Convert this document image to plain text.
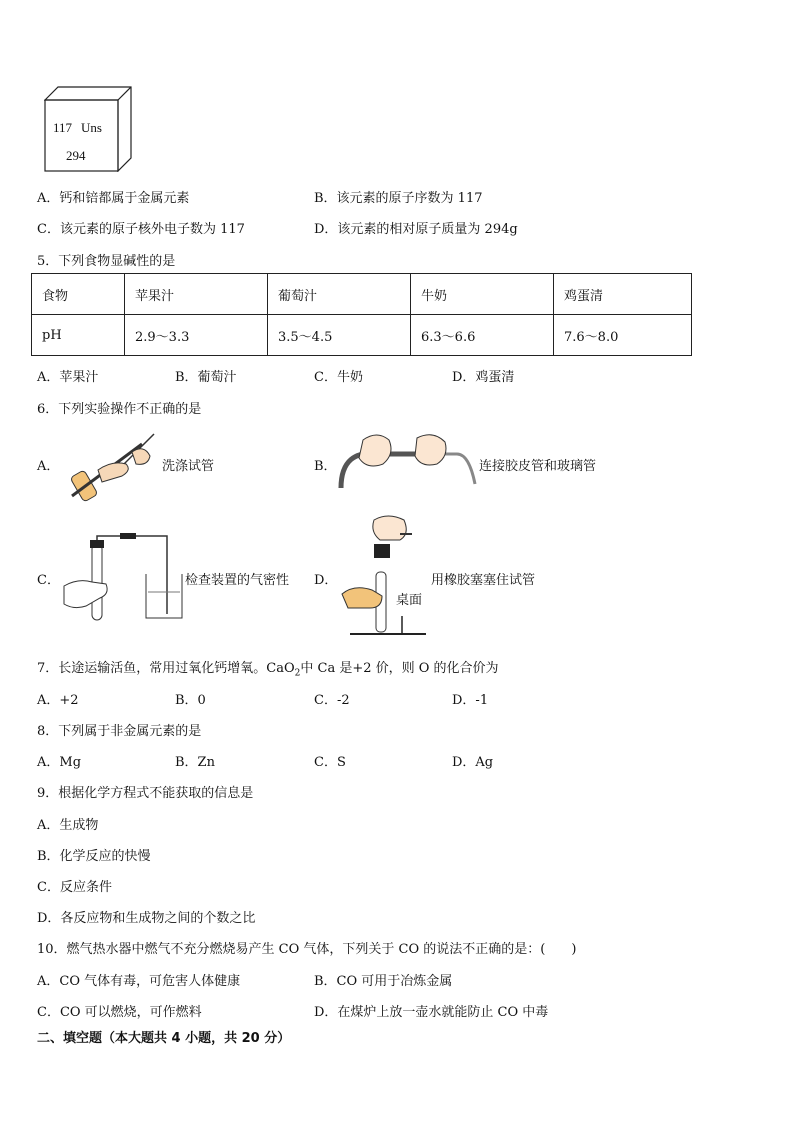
117 Uns
294
A．钙和锫都属于金属元素	B．该元素的原子序数为 117
C．该元素的原子核外电子数为 117	D．该元素的相对原子质量为 294g
5．下列食物显碱性的是
食物	苹果汁	葡萄汁	牛奶	鸡蛋清
pH	2.9～3.3	3.5～4.5	6.3～6.6	7.6～8.0
A．苹果汁	B．葡萄汁	C．牛奶	D．鸡蛋清
6．下列实验操作不正确的是
A．	洗涤试管	B．	连接胶皮管和玻璃管
C．	检查装置的气密性 D．	用橡胶塞塞住试管
桌面
7．长途运输活鱼，常用过氧化钙增氧。CaO$_2$中 Ca 是+2 价，则 O 的化合价为
A．+2	B．0	C．-2	D．-1
8．下列属于非金属元素的是
A．Mg	B．Zn	C．S	D．Ag
9．根据化学方程式不能获取的信息是
A．生成物
B．化学反应的快慢
C．反应条件
D．各反应物和生成物之间的个数之比
10．燃气热水器中燃气不充分燃烧易产生 CO 气体，下列关于 CO 的说法不正确的是：(　　)
A．CO 气体有毒，可危害人体健康	B．CO 可用于冶炼金属
C．CO 可以燃烧，可作燃料	D．在煤炉上放一壶水就能防止 CO 中毒
二、填空题（本大题共 4 小题，共 20 分）
